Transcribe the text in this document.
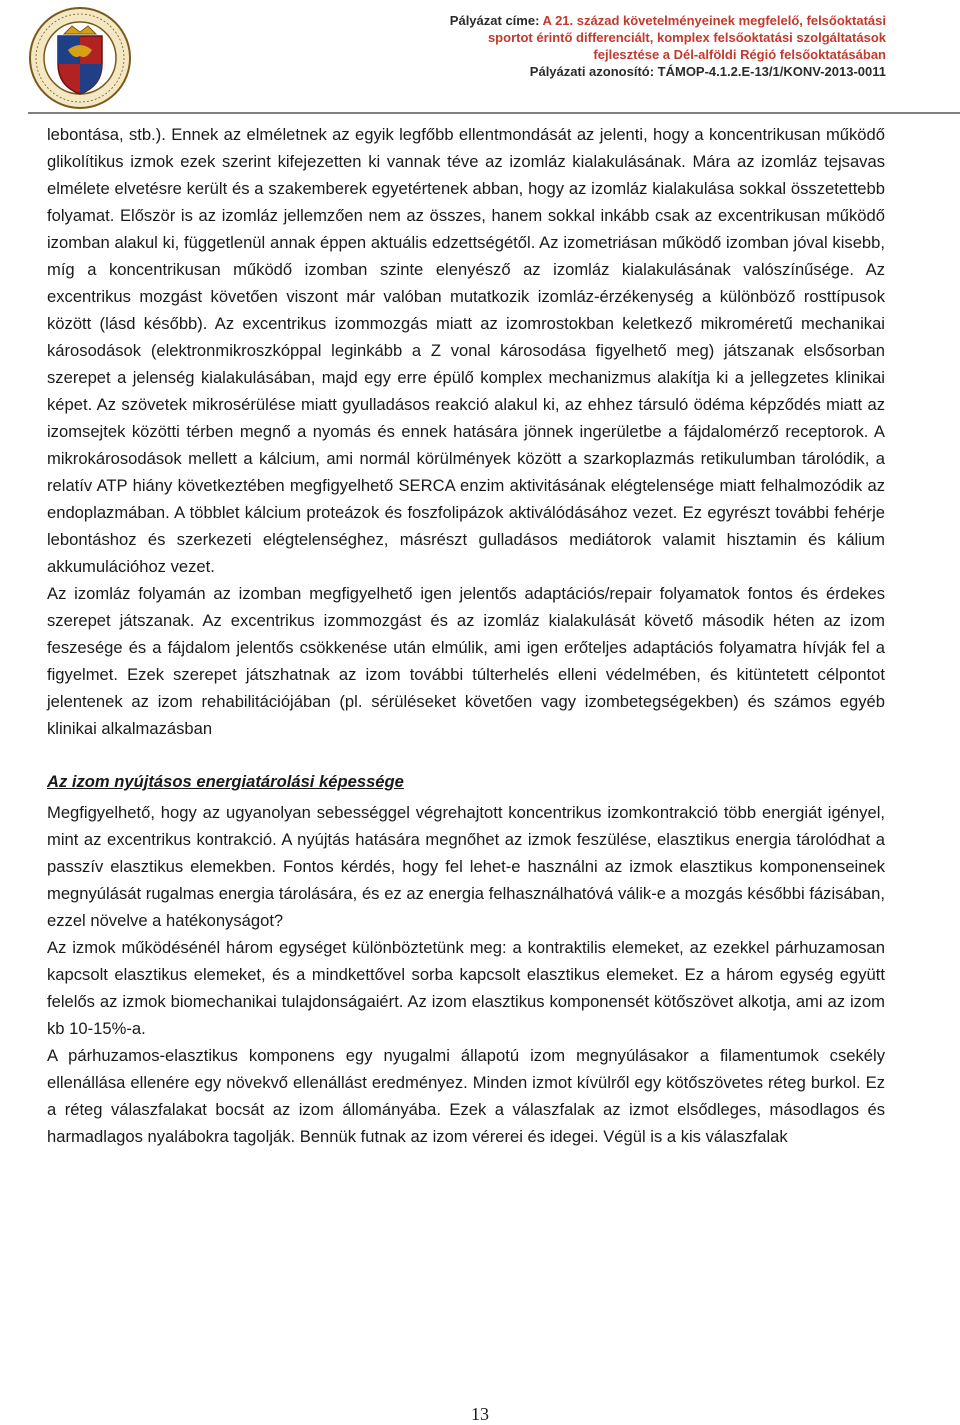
Pályázat címe: A 21. század követelményeinek megfelelő, felsőoktatási
sportot érintő differenciált, komplex felsőoktatási szolgáltatások
fejlesztése a Dél-alföldi Régió felsőoktatásában
Pályázati azonosító: TÁMOP-4.1.2.E-13/1/KONV-2013-0011

lebontása, stb.). Ennek az elméletnek az egyik legfőbb ellentmondását az jelenti, hogy a koncentrikusan működő glikolítikus izmok ezek szerint kifejezetten ki vannak téve az izomláz kialakulásának. Mára az izomláz tejsavas elmélete elvetésre került és a szakemberek egyetértenek abban, hogy az izomláz kialakulása sokkal összetettebb folyamat. Először is az izomláz jellemzően nem az összes, hanem sokkal inkább csak az excentrikusan működő izomban alakul ki, függetlenül annak éppen aktuális edzettségétől. Az izometriásan működő izomban jóval kisebb, míg a koncentrikusan működő izomban szinte elenyésző az izomláz kialakulásának valószínűsége. Az excentrikus mozgást követően viszont már valóban mutatkozik izomláz-érzékenység a különböző rosttípusok között (lásd később). Az excentrikus izommozgás miatt az izomrostokban keletkező mikroméretű mechanikai károsodások (elektronmikroszkóppal leginkább a Z vonal károsodása figyelhető meg) játszanak elsősorban szerepet a jelenség kialakulásában, majd egy erre épülő komplex mechanizmus alakítja ki a jellegzetes klinikai képet. Az szövetek mikrosérülése miatt gyulladásos reakció alakul ki, az ehhez társuló ödéma képződés miatt az izomsejtek közötti térben megnő a nyomás és ennek hatására jönnek ingerületbe a fájdalomérző receptorok. A mikrokárosodások mellett a kálcium, ami normál körülmények között a szarkoplazmás retikulumban tárolódik, a relatív ATP hiány következtében megfigyelhető SERCA enzim aktivitásának elégtelensége miatt felhalmozódik az endoplazmában. A többlet kálcium proteázok és foszfolipázok aktiválódásához vezet. Ez egyrészt további fehérje lebontáshoz és szerkezeti elégtelenséghez, másrészt gulladásos mediátorok valamit hisztamin és kálium akkumulációhoz vezet.

Az izomláz folyamán az izomban megfigyelhető igen jelentős adaptációs/repair folyamatok fontos és érdekes szerepet játszanak. Az excentrikus izommozgást és az izomláz kialakulását követő második héten az izom feszesége és a fájdalom jelentős csökkenése után elmúlik, ami igen erőteljes adaptációs folyamatra hívják fel a figyelmet. Ezek szerepet játszhatnak az izom további túlterhelés elleni védelmében, és kitüntetett célpontot jelentenek az izom rehabilitációjában (pl. sérüléseket követően vagy izombetegségekben) és számos egyéb klinikai alkalmazásban

Az izom nyújtásos energiatárolási képessége

Megfigyelhető, hogy az ugyanolyan sebességgel végrehajtott koncentrikus izomkontrakció több energiát igényel, mint az excentrikus kontrakció. A nyújtás hatására megnőhet az izmok feszülése, elasztikus energia tárolódhat a passzív elasztikus elemekben. Fontos kérdés, hogy fel lehet-e használni az izmok elasztikus komponenseinek megnyúlását rugalmas energia tárolására, és ez az energia felhasználhatóvá válik-e a mozgás későbbi fázisában, ezzel növelve a hatékonyságot?

Az izmok működésénél három egységet különböztetünk meg: a kontraktilis elemeket, az ezekkel párhuzamosan kapcsolt elasztikus elemeket, és a mindkettővel sorba kapcsolt elasztikus elemeket. Ez a három egység együtt felelős az izmok biomechanikai tulajdonságaiért. Az izom elasztikus komponensét kötőszövet alkotja, ami az izom kb 10-15%-a.

A párhuzamos-elasztikus komponens egy nyugalmi állapotú izom megnyúlásakor a filamentumok csekély ellenállása ellenére egy növekvő ellenállást eredményez. Minden izmot kívülről egy kötőszövetes réteg burkol. Ez a réteg válaszfalakat bocsát az izom állományába. Ezek a válaszfalak az izmot elsődleges, másodlagos és harmadlagos nyalábokra tagolják. Bennük futnak az izom vérerei és idegei. Végül is a kis válaszfalak

13
